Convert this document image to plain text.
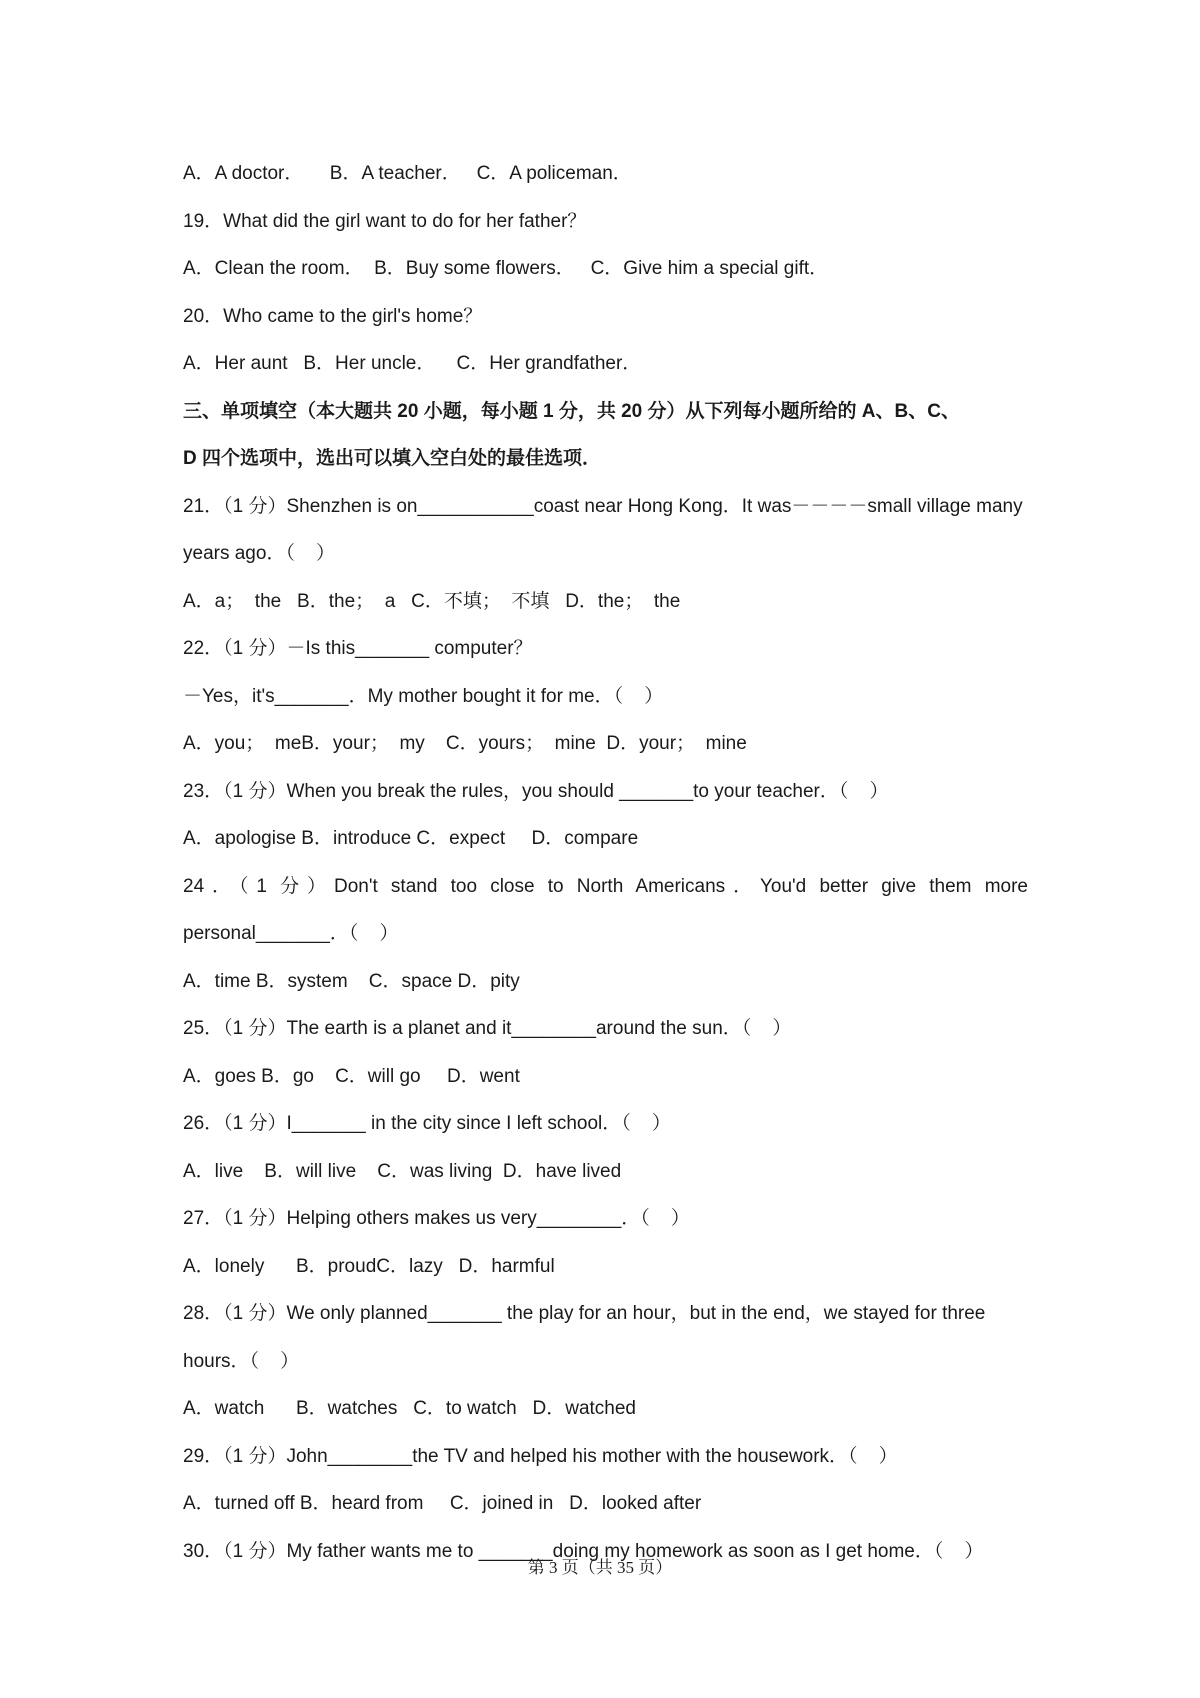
A．A doctor．     B．A teacher．   C．A policeman．
19．What did the girl want to do for her father？
A．Clean the room．  B．Buy some flowers．   C．Give him a special gift．
20．Who came to the girl's home？
A．Her aunt   B．Her uncle．    C．Her grandfather．
三、单项填空（本大题共 20 小题，每小题 1 分，共 20 分）从下列每小题所给的 A、B、C、
D 四个选项中，选出可以填入空白处的最佳选项．
21．（1 分）Shenzhen is on___________coast near Hong Kong．It was－－－－small village many
years ago．（    ）
A．a；  the   B．the；  a   C．不填；  不填   D．the；  the
22．（1 分）－Is this_______ computer？
－Yes，it's_______．My mother bought it for me．（    ）
A．you；  meB．your；  my    C．yours；  mine  D．your；  mine
23．（1 分）When you break the rules，you should _______to your teacher．（    ）
A．apologise B．introduce C．expect     D．compare
24．（1 分）Don't stand too close to North Americans．You'd better give them more
personal_______．（    ）
A．time B．system    C．space D．pity
25．（1 分）The earth is a planet and it________around the sun．（    ）
A．goes B．go    C．will go     D．went
26．（1 分）I_______ in the city since I left school．（    ）
A．live    B．will live    C．was living  D．have lived
27．（1 分）Helping others makes us very________．（    ）
A．lonely      B．proudC．lazy   D．harmful
28．（1 分）We only planned_______ the play for an hour，but in the end，we stayed for three
hours．（    ）
A．watch      B．watches   C．to watch   D．watched
29．（1 分）John________the TV and helped his mother with the housework．（    ）
A．turned off B．heard from     C．joined in   D．looked after
30．（1 分）My father wants me to _______doing my homework as soon as I get home．（    ）
第 3 页（共 35 页）
